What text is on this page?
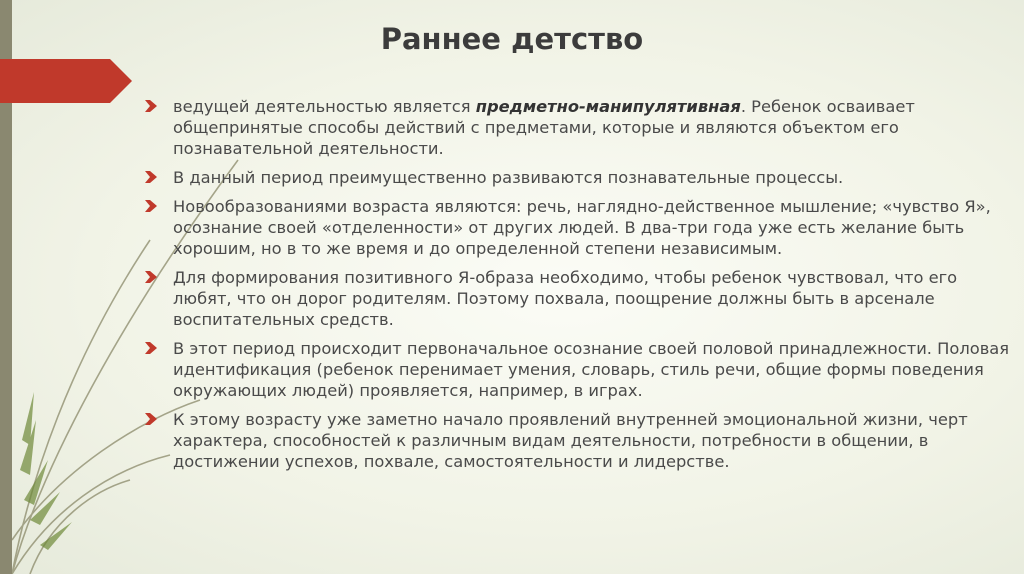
Раннее детство
ведущей деятельностью является предметно-манипулятивная. Ребенок осваивает общепринятые способы действий с предметами, которые и являются объектом его познавательной деятельности.
В данный период преимущественно развиваются познавательные процессы.
Новообразованиями возраста являются: речь, наглядно-действенное мышление; «чувство Я», осознание своей «отделенности» от других людей. В два-три года уже есть желание быть хорошим, но в то же время и до определенной степени независимым.
Для формирования позитивного Я-образа необходимо, чтобы ребенок чувствовал, что его любят, что он дорог родителям. Поэтому похвала, поощрение должны быть в арсенале воспитательных средств.
В этот период происходит первоначальное осознание своей половой принадлежности. Половая идентификация (ребенок перенимает умения, словарь, стиль речи, общие формы поведения окружающих людей) проявляется, например, в играх.
К этому возрасту уже заметно начало проявлений внутренней эмоциональной жизни, черт характера, способностей к различным видам деятельности, потребности в общении, в достижении успехов, похвале, самостоятельности и лидерстве.
